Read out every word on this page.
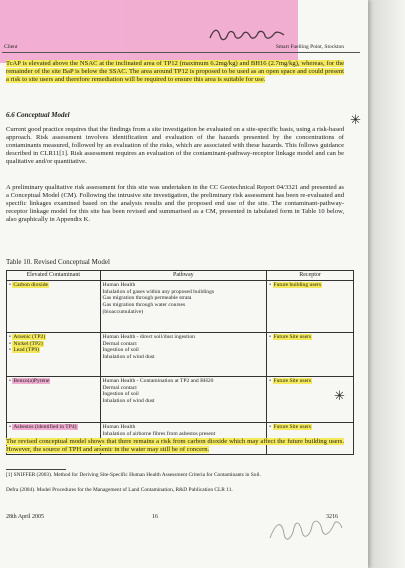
Client	Smart Fuelling Point, Stockton
TcAP is elevated above the NSAC at the inclinated area of TP12 (maximum 6.2mg/kg) and BH16 (2.7mg/kg), whereas, for the remainder of the site BaP is below the SSAC. The area around TP12 is proposed to be used as an open space and could present a risk to site users and therefore remediation will be required to ensure this area is suitable for use.
6.6 Conceptual Model
Current good practice requires that the findings from a site investigation be evaluated on a site-specific basis, using a risk-based approach. Risk assessment involves identification and evaluation of the hazards presented by the concentrations of contaminants measured, followed by an evaluation of the risks, which are associated with these hazards. This follows guidance described in CLR11[1]. Risk assessment requires an evaluation of the contaminant-pathway-receptor linkage model and can be qualitative and/or quantitative.
A preliminary qualitative risk assessment for this site was undertaken in the CC Geotechnical Report 04/3321 and presented as a Conceptual Model (CM). Following the intrusive site investigation, the preliminary risk assessment has been re-evaluated and specific linkages examined based on the analysis results and the proposed end use of the site. The contaminant-pathway-receptor linkage model for this site has been revised and summarised as a CM, presented in tabulated form in Table 10 below, also graphically in Appendix K.
Table 10. Revised Conceptual Model
Elevated Contaminant	Pathway	Receptor

• Carbon dioxide	Human Health
Inhalation of gases within any proposed buildings
Gas migration through permeable strata
Gas migration through water courses
(bioaccumulative)	• Future building users

• Arsenic (TP2)
• Nickel (TP2)
• Lead (TP9)	Human Health - direct soil/dust ingestion
Dermal contact
Ingestion of soil
Inhalation of wind dust	• Future Site users

• Benzo(a)Pyrene	Human Health - Contamination at TP2 and BH20
Dermal contact
Ingestion of soil
Inhalation of wind dust	• Future Site users

• Asbestos (identified in TP4)	Human Health
Inhalation of airborne fibres from asbestos present	• Future Site users
The revised conceptual model shows that there remains a risk from carbon dioxide which may affect the future building users. However, the source of TPH and arsenic in the water may still be of concern.
[1] SNIFFER (2003). Method for Deriving Site-Specific Human Health Assessment Criteria for Contaminants in Soil.
Defra (2004). Model Procedures for the Management of Land Contamination, R&D Publication CLR 11.
28th April 2005	16	3216
✳
✳
